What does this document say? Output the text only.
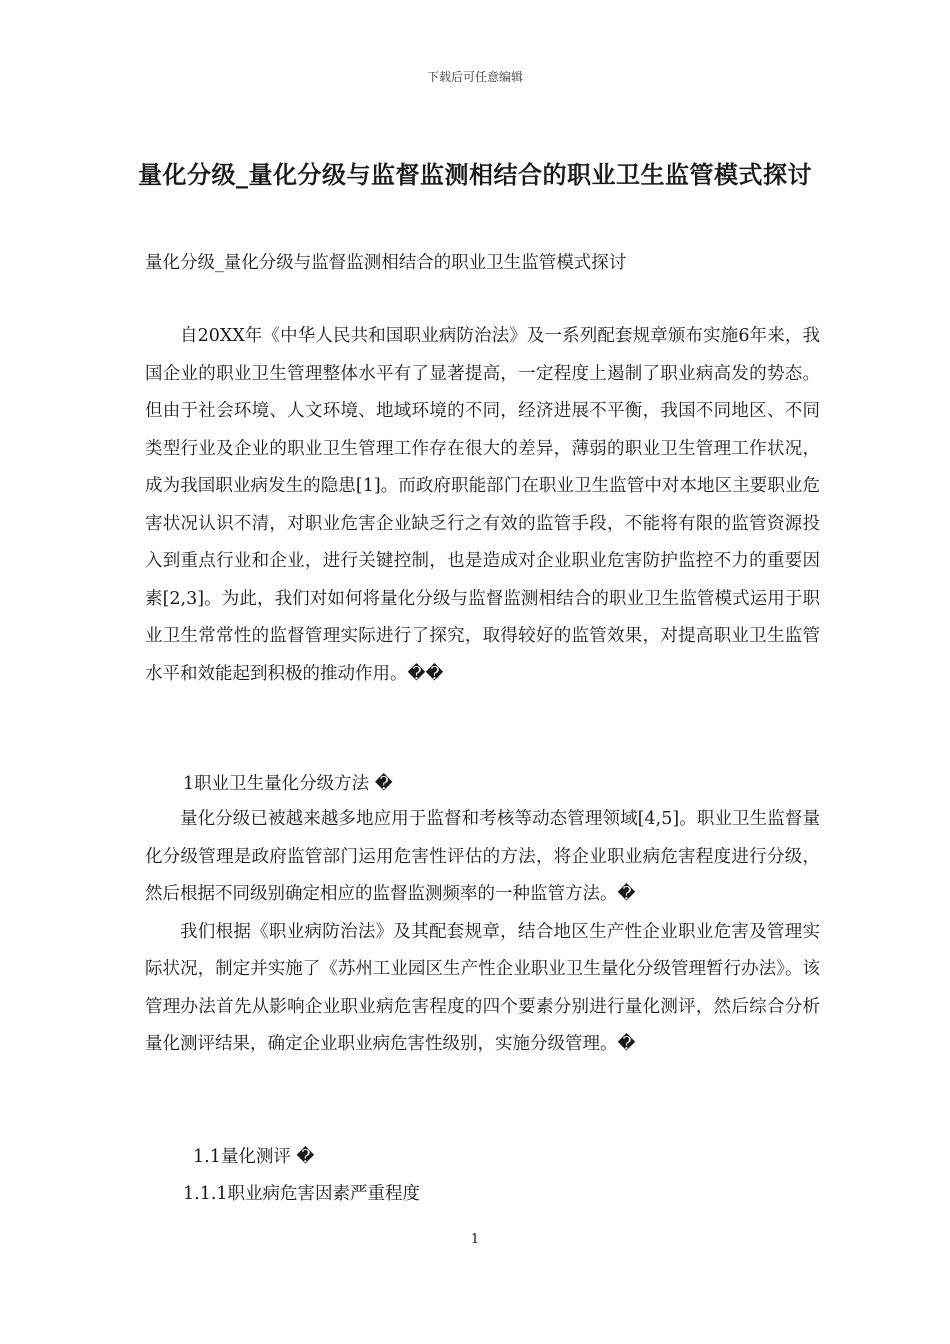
下载后可任意编辑
量化分级_量化分级与监督监测相结合的职业卫生监管模式探讨
量化分级_量化分级与监督监测相结合的职业卫生监管模式探讨

自20XX年《中华人民共和国职业病防治法》及一系列配套规章颁布实施6年来，我国企业的职业卫生管理整体水平有了显著提高，一定程度上遏制了职业病高发的势态。但由于社会环境、人文环境、地域环境的不同，经济进展不平衡，我国不同地区、不同类型行业及企业的职业卫生管理工作存在很大的差异，薄弱的职业卫生管理工作状况，成为我国职业病发生的隐患[1]。而政府职能部门在职业卫生监管中对本地区主要职业危害状况认识不清，对职业危害企业缺乏行之有效的监管手段，不能将有限的监管资源投入到重点行业和企业，进行关键控制，也是造成对企业职业危害防护监控不力的重要因素[2,3]。为此，我们对如何将量化分级与监督监测相结合的职业卫生监管模式运用于职业卫生常常性的监督管理实际进行了探究，取得较好的监管效果，对提高职业卫生监管水平和效能起到积极的推动作用。��

1职业卫生量化分级方法 �

量化分级已被越来越多地应用于监督和考核等动态管理领域[4,5]。职业卫生监督量化分级管理是政府监管部门运用危害性评估的方法，将企业职业病危害程度进行分级，然后根据不同级别确定相应的监督监测频率的一种监管方法。�

我们根据《职业病防治法》及其配套规章，结合地区生产性企业职业危害及管理实际状况，制定并实施了《苏州工业园区生产性企业职业卫生量化分级管理暂行办法》。该管理办法首先从影响企业职业病危害程度的四个要素分别进行量化测评，然后综合分析量化测评结果，确定企业职业病危害性级别，实施分级管理。�

1.1量化测评 �
1.1.1职业病危害因素严重程度
1
